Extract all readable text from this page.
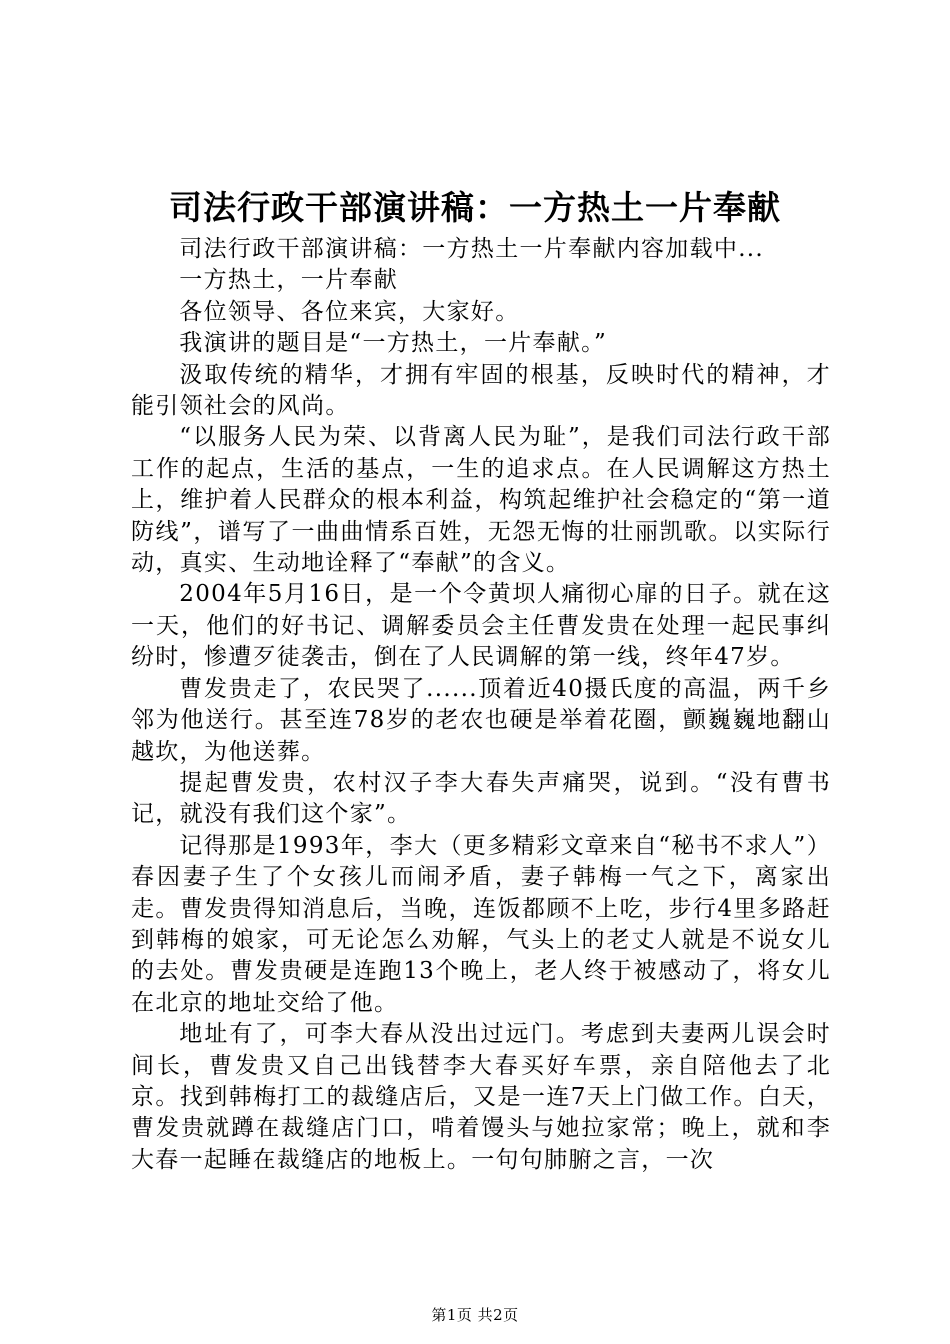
司法行政干部演讲稿：一方热土一片奉献

司法行政干部演讲稿：一方热土一片奉献内容加载中...

一方热土，一片奉献

各位领导、各位来宾，大家好。

我演讲的题目是“一方热土，一片奉献。”

汲取传统的精华，才拥有牢固的根基，反映时代的精神，才能引领社会的风尚。

“以服务人民为荣、以背离人民为耻”，是我们司法行政干部工作的起点，生活的基点，一生的追求点。在人民调解这方热土上，维护着人民群众的根本利益，构筑起维护社会稳定的“第一道防线”，谱写了一曲曲情系百姓，无怨无悔的壮丽凯歌。以实际行动，真实、生动地诠释了“奉献”的含义。

2004年5月16日，是一个令黄坝人痛彻心扉的日子。就在这一天，他们的好书记、调解委员会主任曹发贵在处理一起民事纠纷时，惨遭歹徒袭击，倒在了人民调解的第一线，终年47岁。

曹发贵走了，农民哭了......顶着近40摄氏度的高温，两千乡邻为他送行。甚至连78岁的老农也硬是举着花圈，颤巍巍地翻山越坎，为他送葬。

提起曹发贵，农村汉子李大春失声痛哭，说到。“没有曹书记，就没有我们这个家”。

记得那是1993年，李大（更多精彩文章来自“秘书不求人”）春因妻子生了个女孩儿而闹矛盾，妻子韩梅一气之下，离家出走。曹发贵得知消息后，当晚，连饭都顾不上吃，步行4里多路赶到韩梅的娘家，可无论怎么劝解，气头上的老丈人就是不说女儿的去处。曹发贵硬是连跑13个晚上，老人终于被感动了，将女儿在北京的地址交给了他。

地址有了，可李大春从没出过远门。考虑到夫妻两儿误会时间长，曹发贵又自己出钱替李大春买好车票，亲自陪他去了北京。找到韩梅打工的裁缝店后，又是一连7天上门做工作。白天，曹发贵就蹲在裁缝店门口，啃着馒头与她拉家常；晚上，就和李大春一起睡在裁缝店的地板上。一句句肺腑之言，一次

第1页 共2页
